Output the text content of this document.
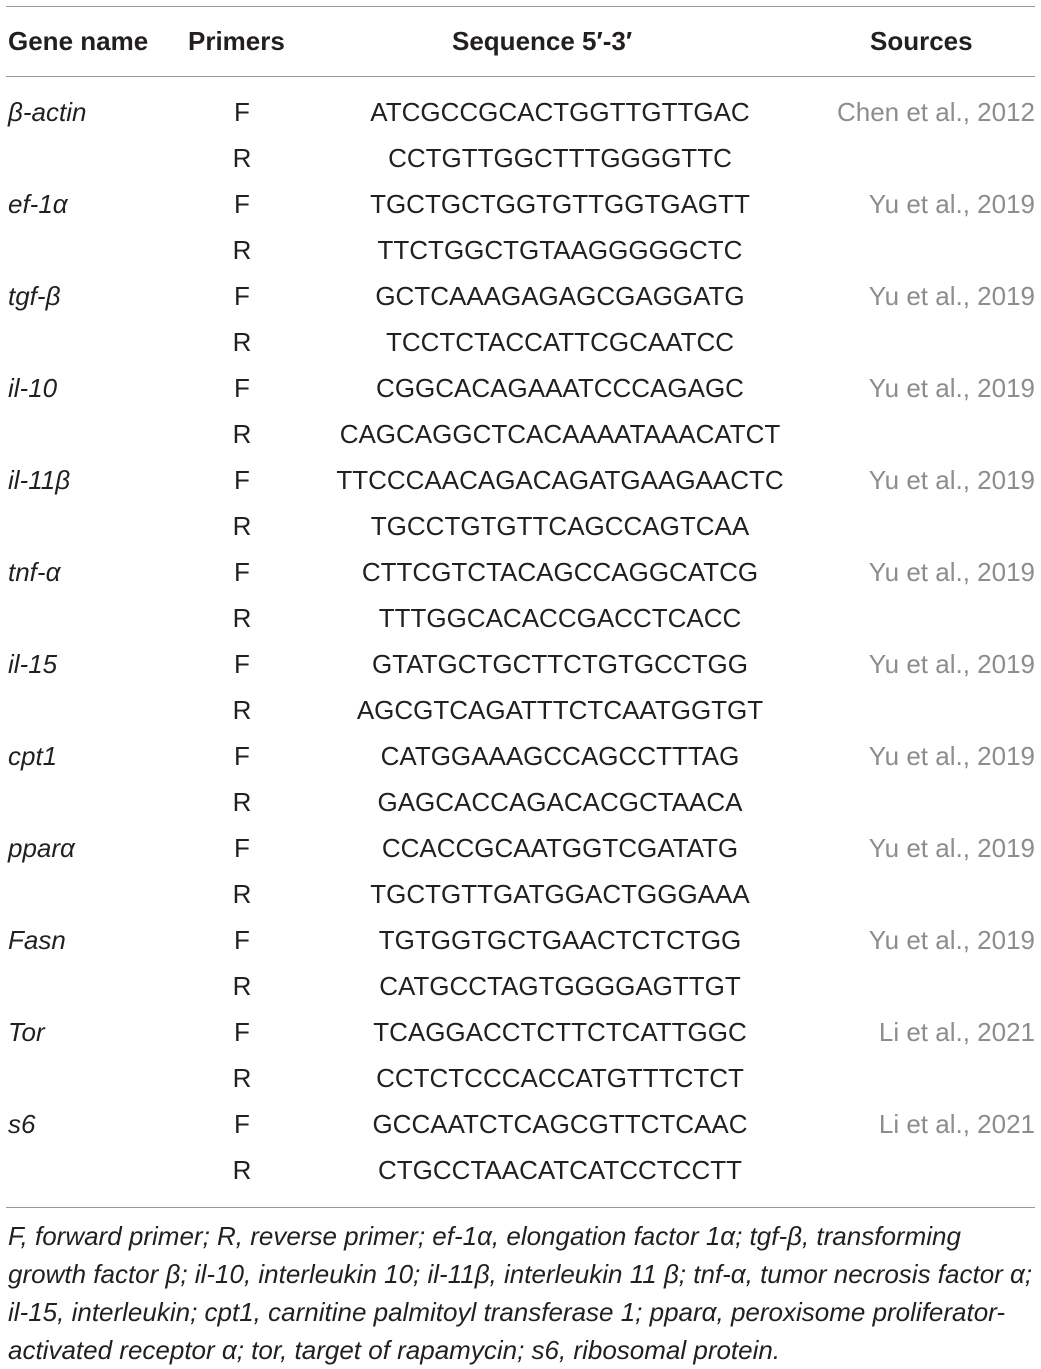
Gene name Primers	Sequence 5′-3′	Sources
β-actin	F	ATCGCCGCACTGGTTGTTGAC	Chen et al., 2012
R	CCTGTTGGCTTTGGGGTTC
ef-1α	F	TGCTGCTGGTGTTGGTGAGTT	Yu et al., 2019
R	TTCTGGCTGTAAGGGGGCTC
tgf-β	F	GCTCAAAGAGAGCGAGGATG	Yu et al., 2019
R	TCCTCTACCATTCGCAATCC
il-10	F	CGGCACAGAAATCCCAGAGC	Yu et al., 2019
R	CAGCAGGCTCACAAAATAAACATCT
il-11β	F	TTCCCAACAGACAGATGAAGAACTC	Yu et al., 2019
R	TGCCTGTGTTCAGCCAGTCAA
tnf-α	F	CTTCGTCTACAGCCAGGCATCG	Yu et al., 2019
R	TTTGGCACACCGACCTCACC
il-15	F	GTATGCTGCTTCTGTGCCTGG	Yu et al., 2019
R	AGCGTCAGATTTCTCAATGGTGT
cpt1	F	CATGGAAAGCCAGCCTTTAG	Yu et al., 2019
R	GAGCACCAGACACGCTAACA
pparα	F	CCACCGCAATGGTCGATATG	Yu et al., 2019
R	TGCTGTTGATGGACTGGGAAA
Fasn	F	TGTGGTGCTGAACTCTCTGG	Yu et al., 2019
R	CATGCCTAGTGGGGAGTTGT
Tor	F	TCAGGACCTCTTCTCATTGGC	Li et al., 2021
R	CCTCTCCCACCATGTTTCTCT
s6	F	GCCAATCTCAGCGTTCTCAAC	Li et al., 2021
R	CTGCCTAACATCATCCTCCTT
F, forward primer; R, reverse primer; ef-1α, elongation factor 1α; tgf-β, transforming growth factor β; il-10, interleukin 10; il-11β, interleukin 11 β; tnf-α, tumor necrosis factor α; il-15, interleukin; cpt1, carnitine palmitoyl transferase 1; pparα, peroxisome proliferator-activated receptor α; tor, target of rapamycin; s6, ribosomal protein.
